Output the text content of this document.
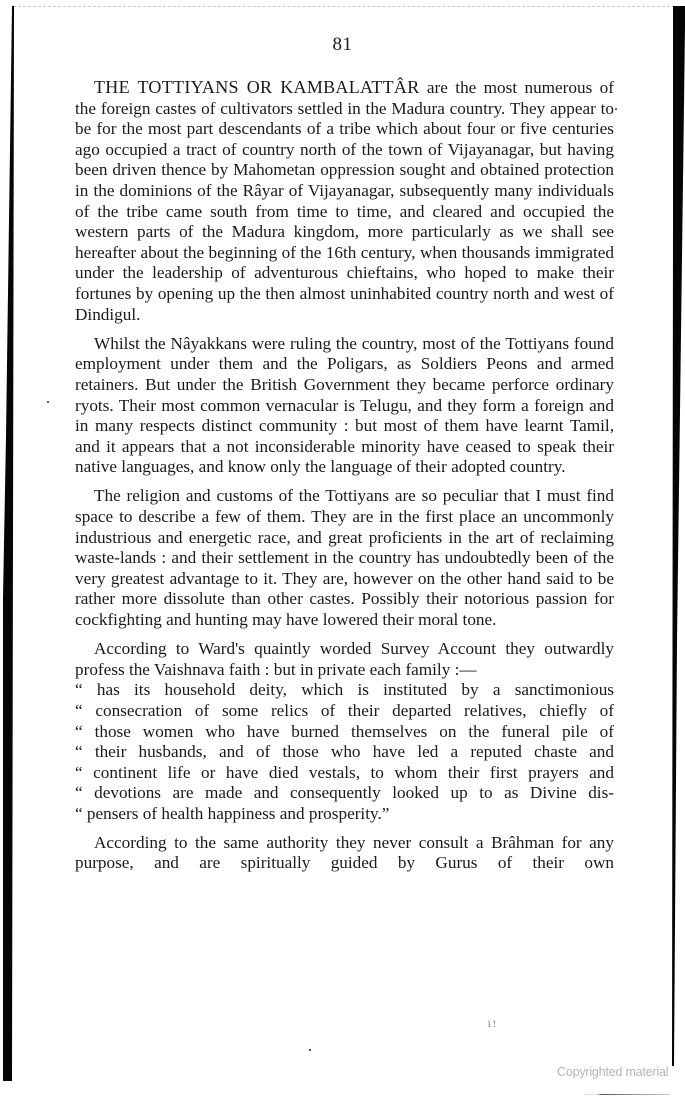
81

THE TOTTIYANS OR KAMBALATTÂR are the most numerous of the foreign castes of cultivators settled in the Madura country. They appear to be for the most part descendants of a tribe which about four or five centuries ago occupied a tract of country north of the town of Vijayanagar, but having been driven thence by Mahometan oppression sought and obtained protection in the dominions of the Râyar of Vijayanagar, subsequently many individuals of the tribe came south from time to time, and cleared and occupied the western parts of the Madura kingdom, more particularly as we shall see hereafter about the beginning of the 16th century, when thousands immigrated under the leadership of adventurous chieftains, who hoped to make their fortunes by opening up the then almost uninhabited country north and west of Dindigul.

Whilst the Nâyakkans were ruling the country, most of the Tottiyans found employment under them and the Poligars, as Soldiers Peons and armed retainers. But under the British Government they became perforce ordinary ryots. Their most common vernacular is Telugu, and they form a foreign and in many respects distinct community : but most of them have learnt Tamil, and it appears that a not inconsiderable minority have ceased to speak their native languages, and know only the language of their adopted country.

The religion and customs of the Tottiyans are so peculiar that I must find space to describe a few of them. They are in the first place an uncommonly industrious and energetic race, and great proficients in the art of reclaiming waste-lands : and their settlement in the country has undoubtedly been of the very greatest advantage to it. They are, however on the other hand said to be rather more dissolute than other castes. Possibly their notorious passion for cockfighting and hunting may have lowered their moral tone.

According to Ward's quaintly worded Survey Account they outwardly profess the Vaishnava faith : but in private each family :—
“ has its household deity, which is instituted by a sanctimonious
“ consecration of some relics of their departed relatives, chiefly of
“ those women who have burned themselves on the funeral pile of
“ their husbands, and of those who have led a reputed chaste and
“ continent life or have died vestals, to whom their first prayers and
“ devotions are made and consequently looked up to as Divine dis-
“ pensers of health happiness and prosperity.”

According to the same authority they never consult a Brâhman for any purpose, and are spiritually guided by Gurus of their own

ï !
Copyrighted material
